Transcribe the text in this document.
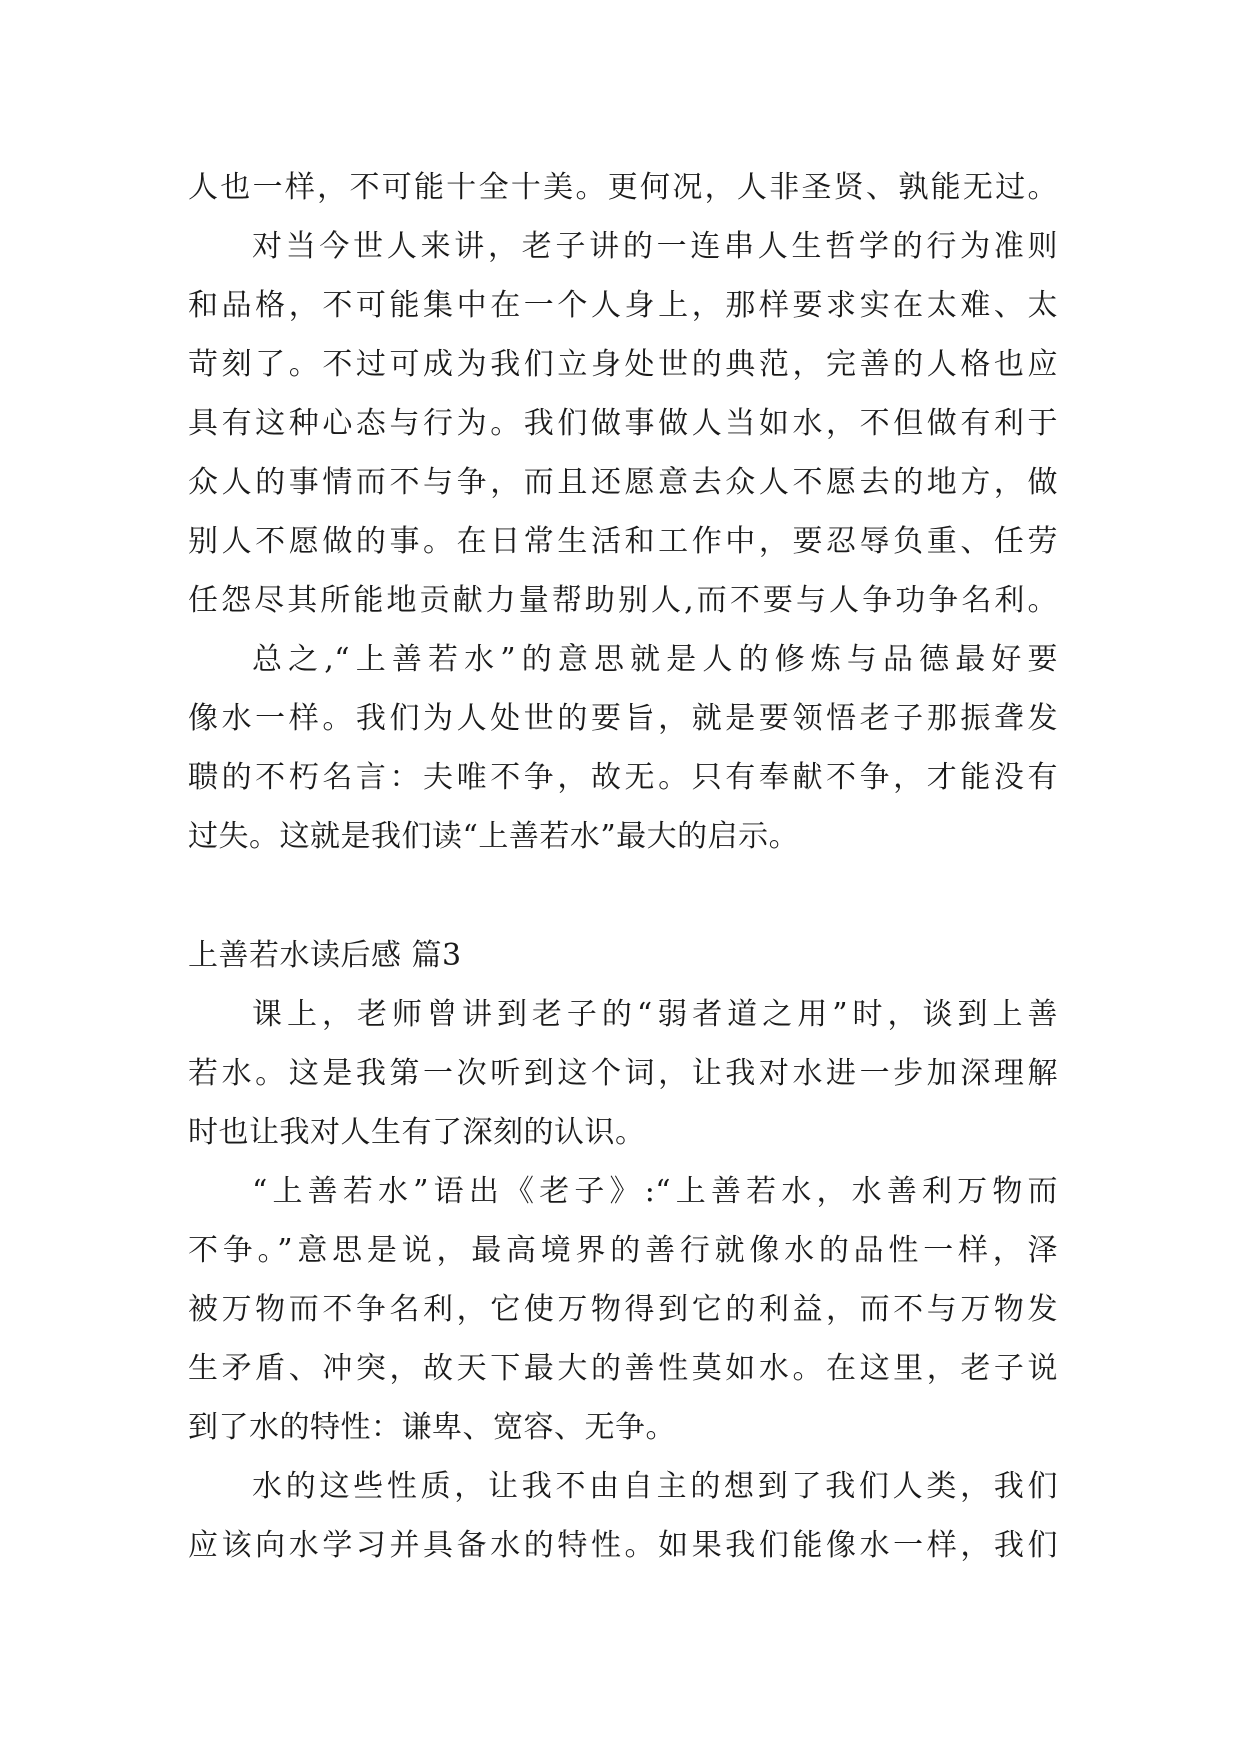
人也一样，不可能十全十美。更何况，人非圣贤、孰能无过。
对当今世人来讲，老子讲的一连串人生哲学的行为准则
和品格，不可能集中在一个人身上，那样要求实在太难、太
苛刻了。不过可成为我们立身处世的典范，完善的人格也应
具有这种心态与行为。我们做事做人当如水，不但做有利于
众人的事情而不与争，而且还愿意去众人不愿去的地方，做
别人不愿做的事。在日常生活和工作中，要忍辱负重、任劳
任怨尽其所能地贡献力量帮助别人,而不要与人争功争名利。
总之,“上善若水”的意思就是人的修炼与品德最好要
像水一样。我们为人处世的要旨，就是要领悟老子那振聋发
聩的不朽名言：夫唯不争，故无。只有奉献不争，才能没有
过失。这就是我们读“上善若水”最大的启示。
上善若水读后感 篇3
课上，老师曾讲到老子的“弱者道之用”时，谈到上善
若水。这是我第一次听到这个词，让我对水进一步加深理解
时也让我对人生有了深刻的认识。
“上善若水”语出《老子》:“上善若水，水善利万物而
不争。”意思是说，最高境界的善行就像水的品性一样，泽
被万物而不争名利，它使万物得到它的利益，而不与万物发
生矛盾、冲突，故天下最大的善性莫如水。在这里，老子说
到了水的特性：谦卑、宽容、无争。
水的这些性质，让我不由自主的想到了我们人类，我们
应该向水学习并具备水的特性。如果我们能像水一样，我们
